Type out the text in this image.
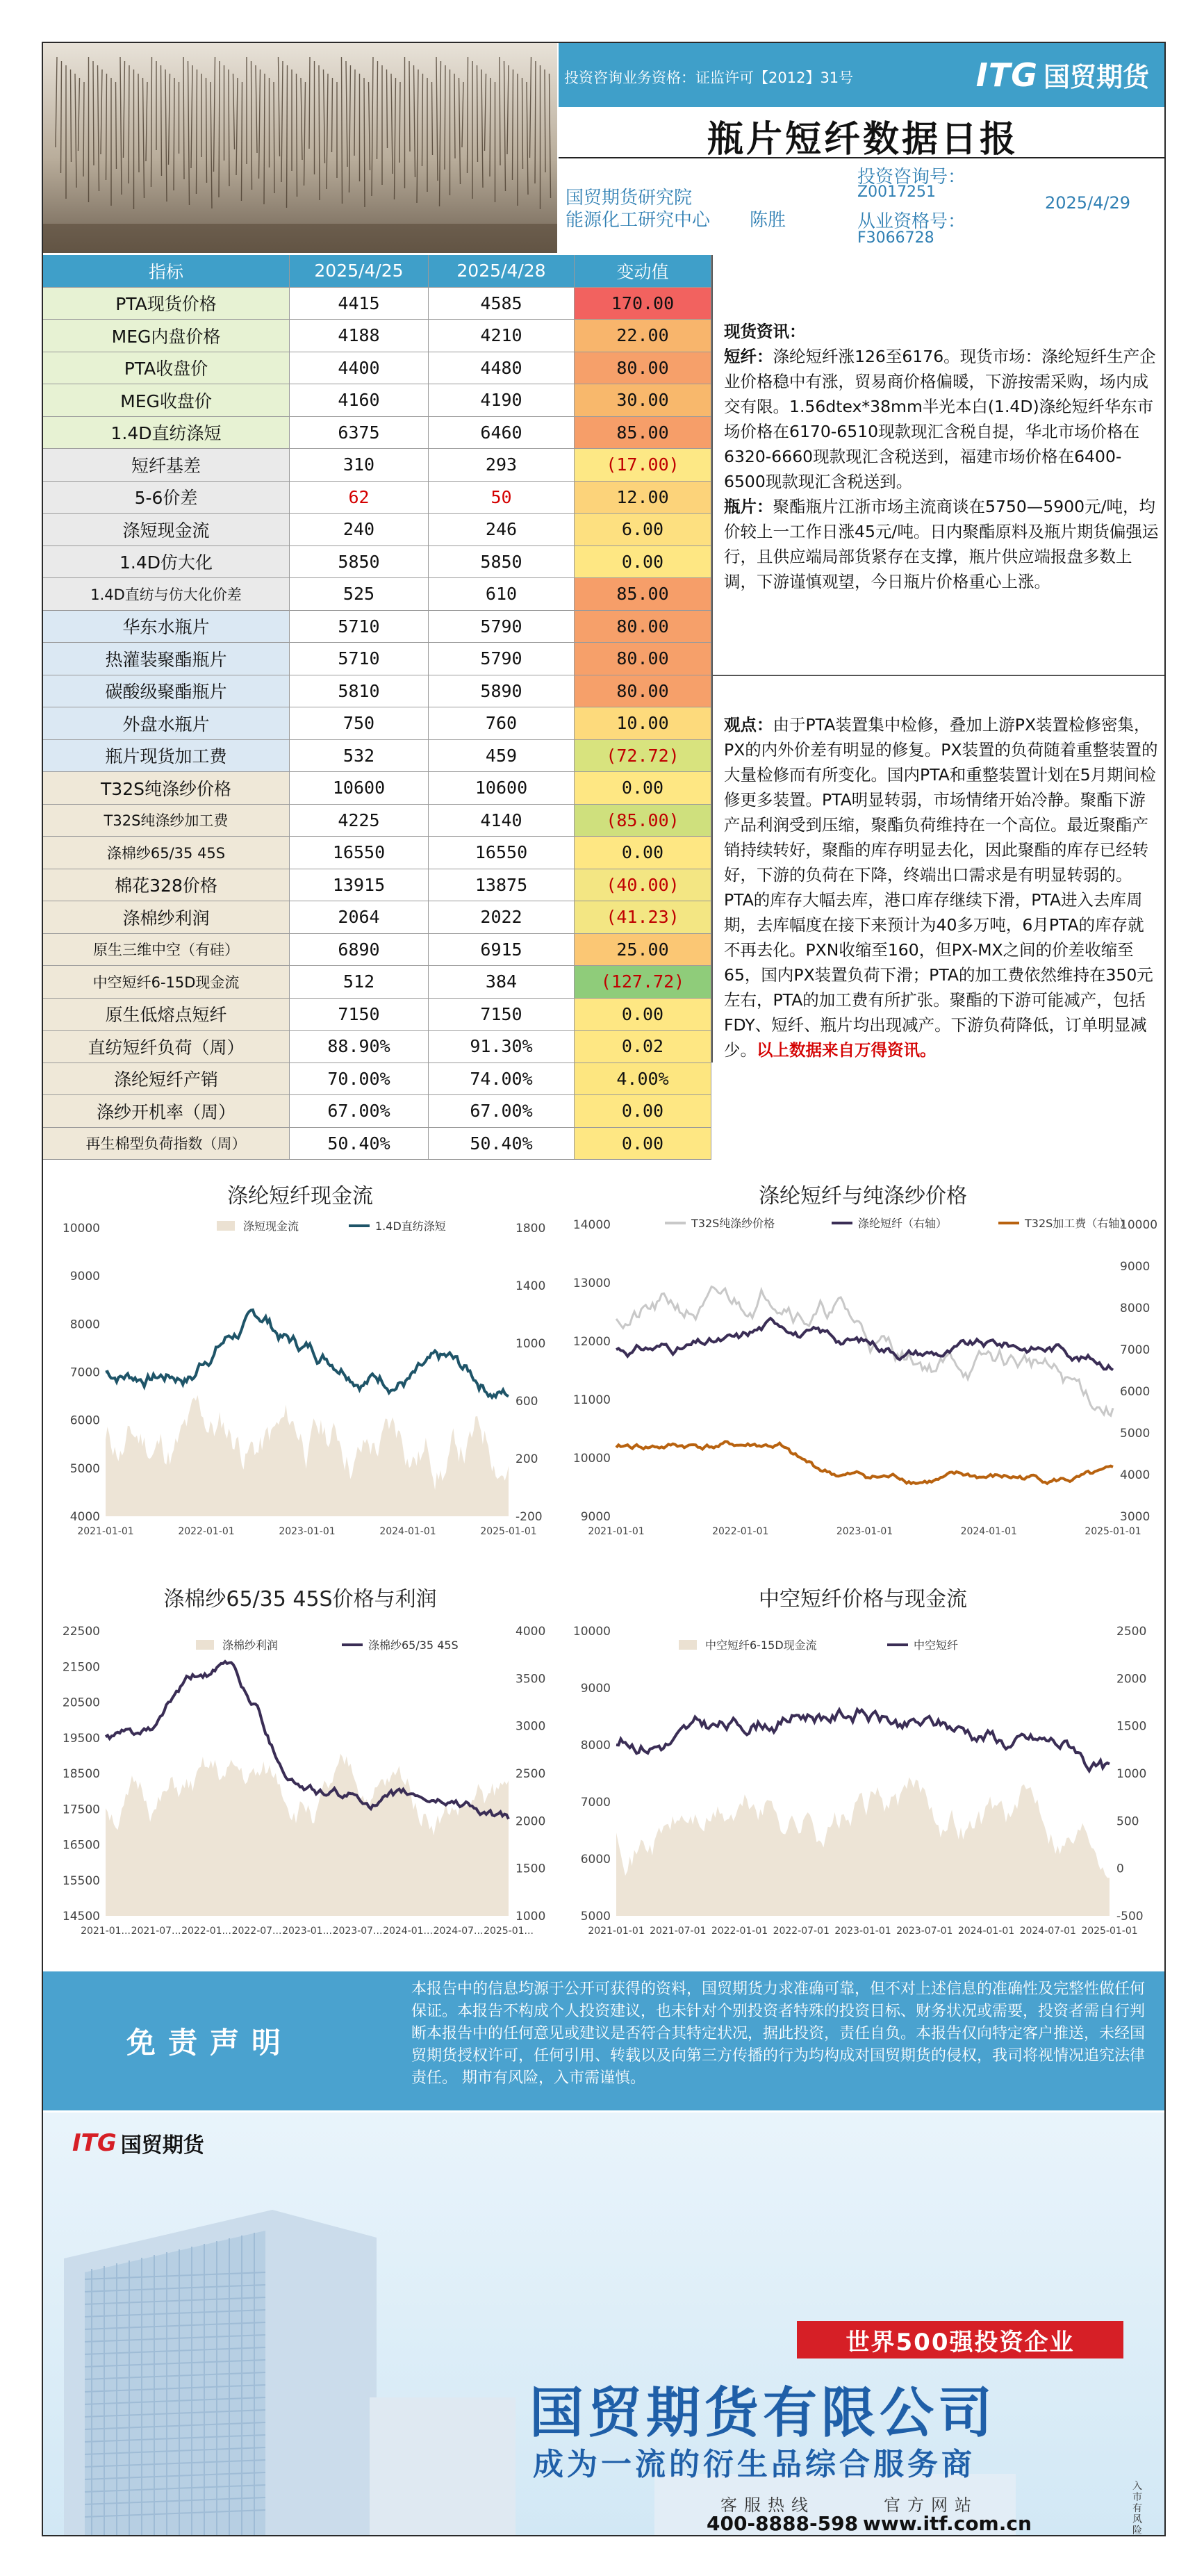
投资咨询业务资格：证监许可【2012】31号	ITG 国贸期货
瓶片短纤数据日报
国贸期货研究院
能源化工研究中心 陈胜
投资咨询号：
Z0017251
从业资格号：
F3066728
2025/4/29
指标	2025/4/25	2025/4/28	变动值
PTA现货价格	4415	4585	170.00
MEG内盘价格	4188	4210	22.00
PTA收盘价	4400	4480	80.00
MEG收盘价	4160	4190	30.00
1.4D直纺涤短	6375	6460	85.00
短纤基差	310	293	(17.00)
5-6价差	62	50	12.00
涤短现金流	240	246	6.00
1.4D仿大化	5850	5850	0.00
1.4D直纺与仿大化价差	525	610	85.00
华东水瓶片	5710	5790	80.00
热灌装聚酯瓶片	5710	5790	80.00
碳酸级聚酯瓶片	5810	5890	80.00
外盘水瓶片	750	760	10.00
瓶片现货加工费	532	459	(72.72)
T32S纯涤纱价格	10600	10600	0.00
T32S纯涤纱加工费	4225	4140	(85.00)
涤棉纱65/35 45S	16550	16550	0.00
棉花328价格	13915	13875	(40.00)
涤棉纱利润	2064	2022	(41.23)
原生三维中空（有硅）	6890	6915	25.00
中空短纤6-15D现金流	512	384	(127.72)
原生低熔点短纤	7150	7150	0.00
直纺短纤负荷（周）	88.90%	91.30%	0.02
涤纶短纤产销	70.00%	74.00%	4.00%
涤纱开机率（周）	67.00%	67.00%	0.00
再生棉型负荷指数（周）	50.40%	50.40%	0.00
现货资讯：
短纤：涤纶短纤涨126至6176。现货市场：涤纶短纤生产企业价格稳中有涨，贸易商价格偏暖，下游按需采购，场内成交有限。1.56dtex*38mm半光本白(1.4D)涤纶短纤华东市场价格在6170-6510现款现汇含税自提，华北市场价格在6320-6660现款现汇含税送到，福建市场价格在6400-6500现款现汇含税送到。
瓶片：聚酯瓶片江浙市场主流商谈在5750—5900元/吨，均价较上一工作日涨45元/吨。日内聚酯原料及瓶片期货偏强运行，且供应端局部货紧存在支撑，瓶片供应端报盘多数上调，下游谨慎观望，今日瓶片价格重心上涨。
观点：由于PTA装置集中检修，叠加上游PX装置检修密集，PX的内外价差有明显的修复。PX装置的负荷随着重整装置的大量检修而有所变化。国内PTA和重整装置计划在5月期间检修更多装置。PTA明显转弱，市场情绪开始冷静。聚酯下游产品利润受到压缩，聚酯负荷维持在一个高位。最近聚酯产销持续转好，聚酯的库存明显去化，因此聚酯的库存已经转好，下游的负荷在下降，终端出口需求是有明显转弱的。PTA的库存大幅去库，港口库存继续下滑，PTA进入去库周期，去库幅度在接下来预计为40多万吨，6月PTA的库存就不再去化。PXN收缩至160，但PX-MX之间的价差收缩至65，国内PX装置负荷下滑；PTA的加工费依然维持在350元左右，PTA的加工费有所扩张。聚酯的下游可能减产，包括FDY、短纤、瓶片均出现减产。下游负荷降低，订单明显减少。以上数据来自万得资讯。
涤纶短纤现金流
10000
9000
8000
7000
6000
5000
4000
1800
1400
1000
600
200
-200
2021-01-01	2022-01-01	2023-01-01	2024-01-01	2025-01-01
涤短现金流	1.4D直纺涤短
涤纶短纤与纯涤纱价格
14000
13000
12000
11000
10000
9000
10000
9000
8000
7000
6000
5000
4000
3000
2021-01-01	2022-01-01	2023-01-01	2024-01-01	2025-01-01
T32S纯涤纱价格	涤纶短纤（右轴）	T32S加工费（右轴）
涤棉纱65/35 45S价格与利润
22500
21500
20500
19500
18500
17500
16500
15500
14500
4000
3500
3000
2500
2000
1500
1000
2021-01... 2021-07... 2022-01... 2022-07... 2023-01... 2023-07... 2024-01... 2024-07... 2025-01...
涤棉纱利润	涤棉纱65/35 45S
中空短纤价格与现金流
10000
9000
8000
7000
6000
5000
2500
2000
1500
1000
500
0
-500
2021-01-01 2021-07-01 2022-01-01 2022-07-01 2023-01-01 2023-07-01 2024-01-01 2024-07-01 2025-01-01
中空短纤6-15D现金流	中空短纤
免责声明
本报告中的信息均源于公开可获得的资料，国贸期货力求准确可靠，但不对上述信息的准确性及完整性做任何保证。本报告不构成个人投资建议，也未针对个别投资者特殊的投资目标、财务状况或需要，投资者需自行判断本报告中的任何意见或建议是否符合其特定状况，据此投资，责任自负。本报告仅向特定客户推送，未经国贸期货授权许可，任何引用、转载以及向第三方传播的行为均构成对国贸期货的侵权，我司将视情况追究法律责任。 期市有风险，入市需谨慎。
ITG 国贸期货
世界500强投资企业
国贸期货有限公司
成为一流的衍生品综合服务商
客服热线	官方网站
400-8888-598 www.itf.com.cn
入市有风险
